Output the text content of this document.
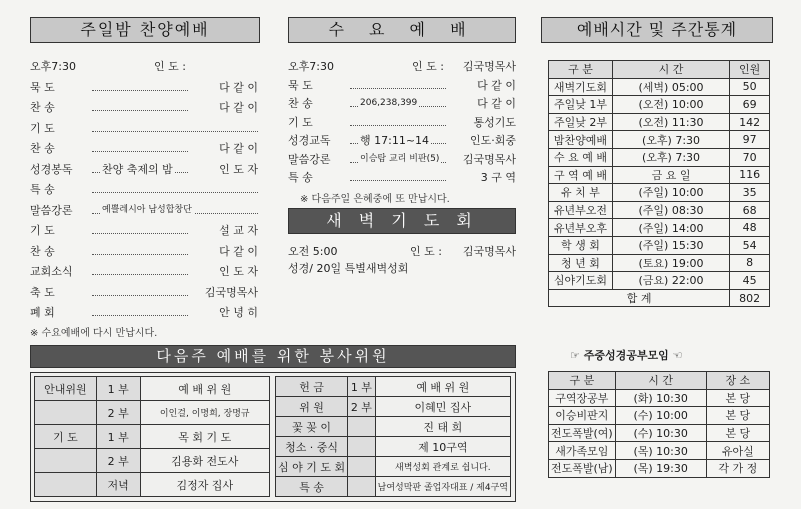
주일밤 찬양예배
오후7:30	인 도 :
묵 도	다 같 이
찬 송	다 같 이
기 도
찬 송	다 같 이
성경봉독	찬양 축제의 밤	인 도 자
특 송
말씀강론	예쁠레시아 남성합창단
기 도	설 교 자
찬 송	다 같 이
교회소식	인 도 자
축 도	김국명목사
폐 회	안 녕 히
※ 수요예배에 다시 만납시다.
수 요 예 배
오후7:30	인 도 : 김국명목사
묵 도	다 같 이
찬 송	206,238,399	다 같 이
기 도	통성기도
성경교독	행 17:11~14	인도·회중
말씀강론	이승탐 교리 비판(5) 김국명목사
특 송	3 구 역
※ 다음주일 은혜중에 또 만납시다.
새 벽 기 도 회
오전 5:00	인 도 : 김국명목사
성경/ 20일 특별새벽성회
예배시간 및 주간통계
구 분	시 간	인원
새벽기도회	(세벽) 05:00	50
주일낮 1부	(오전) 10:00	69
주일낮 2부	(오전) 11:30	142
밤찬양예배	(오후) 7:30	97
수 요 예 배	(오후) 7:30	70
구 역 예 배	금 요 일	116
유 치 부	(주일) 10:00	35
유년부오전	(주일) 08:30	68
유년부오후	(주일) 14:00	48
학 생 회	(주일) 15:30	54
청 년 회	(토요) 19:00	8
심야기도회	(금요) 22:00	45
합 계		802
☞ 주중성경공부모임 ☜
구 분	시 간	장 소
구역장공부	(화) 10:30	본 당
이승비판지	(수) 10:00	본 당
전도폭발(여)	(수) 10:30	본 당
새가족모임	(목) 10:30	유아실
전도폭발(남)	(목) 19:30	각 가 정
다음주 예배를 위한 봉사위원
안내위원	1 부	예 배 위 원
	2 부	이인걸, 이명희, 장명규
기 도	1 부	목 회 기 도
	2 부	김용화 전도사
	저녁	김정자 집사
헌 금	1 부	예 배 위 원
위 원	2 부	이혜민 집사
꽃 꽂 이		진 태 희
청소 · 중식		제 10구역
심 야 기 도 회		새벽성회 관계로 쉽니다.
특 송		남여성막판 졸업자대표 / 제4구역
